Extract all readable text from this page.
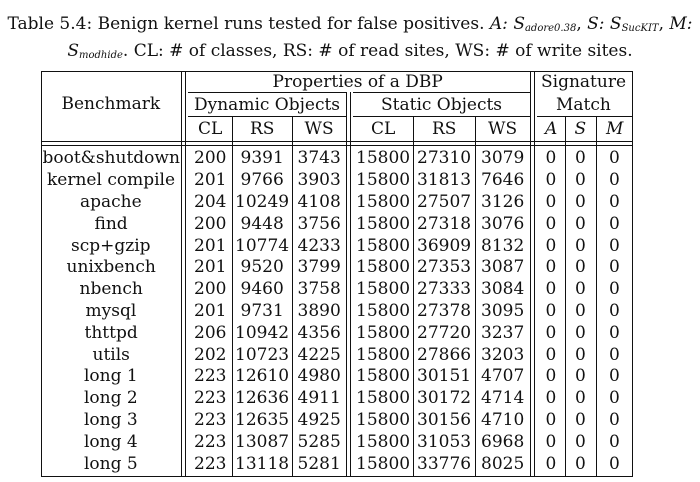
Table 5.4: Benign kernel runs tested for false positives. A: $S_{adore0.38}$, S: $S_{SucKIT}$, M: $S_{modhide}$. CL: # of classes, RS: # of read sites, WS: # of write sites.
Benchmark
Properties of a DBP
Dynamic Objects Static Objects
Signature
Match
CL RS WS CL RS WS A S M
boot&shutdown 200 9391 3743 15800 27310 3079 0 0 0
kernel compile 201 9766 3903 15800 31813 7646 0 0 0
apache	204 10249 4108 15800 27507 3126 0 0 0
find	200 9448 3756 15800 27318 3076 0 0 0
scp+gzip	201 10774 4233 15800 36909 8132 0 0 0
unixbench 201 9520 3799 15800 27353 3087 0 0 0
nbench	200 9460 3758 15800 27333 3084 0 0 0
mysql	201 9731 3890 15800 27378 3095 0 0 0
thttpd	206 10942 4356 15800 27720 3237 0 0 0
utils	202 10723 4225 15800 27866 3203 0 0 0
long 1	223 12610 4980 15800 30151 4707 0 0 0
long 2	223 12636 4911 15800 30172 4714 0 0 0
long 3	223 12635 4925 15800 30156 4710 0 0 0
long 4	223 13087 5285 15800 31053 6968 0 0 0
long 5	223 13118 5281 15800 33776 8025 0 0 0
